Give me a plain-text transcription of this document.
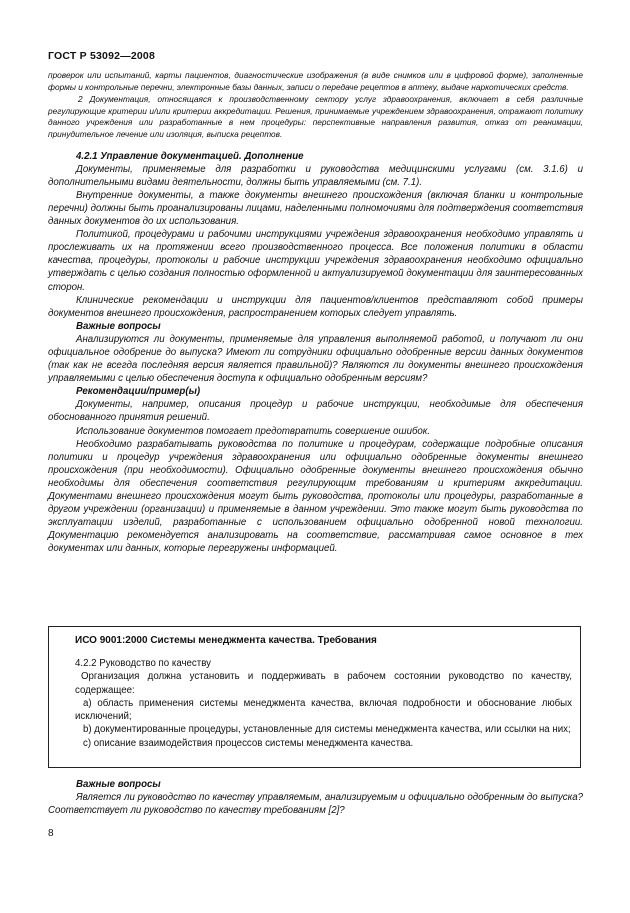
ГОСТ Р 53092—2008

проверок или испытаний, карты пациентов, диагностические изображения (в виде снимков или в цифровой форме), заполненные формы и контрольные перечни, электронные базы данных, записи о передаче рецептов в аптеку, выдаче наркотических средств.

2 Документация, относящаяся к производственному сектору услуг здравоохранения, включает в себя различные регулирующие критерии и/или критерии аккредитации. Решения, принимаемые учреждением здравоохранения, отражают политику данного учреждения или разработанные в нем процедуры: перспективные направления развития, отказ от реанимации, принудительное лечение или изоляция, выписка рецептов.

4.2.1 Управление документацией. Дополнение

Документы, применяемые для разработки и руководства медицинскими услугами (см. 3.1.6) и дополнительными видами деятельности, должны быть управляемыми (см. 7.1).

Внутренние документы, а также документы внешнего происхождения (включая бланки и контрольные перечни) должны быть проанализированы лицами, наделенными полномочиями для подтверждения соответствия данных документов до их использования.

Политикой, процедурами и рабочими инструкциями учреждения здравоохранения необходимо управлять и прослеживать их на протяжении всего производственного процесса. Все положения политики в области качества, процедуры, протоколы и рабочие инструкции учреждения здравоохранения необходимо официально утверждать с целью создания полностью оформленной и актуализируемой документации для заинтересованных сторон.

Клинические рекомендации и инструкции для пациентов/клиентов представляют собой примеры документов внешнего происхождения, распространением которых следует управлять.

Важные вопросы

Анализируются ли документы, применяемые для управления выполняемой работой, и получают ли они официальное одобрение до выпуска? Имеют ли сотрудники официально одобренные версии данных документов (так как не всегда последняя версия является правильной)? Являются ли документы внешнего происхождения управляемыми с целью обеспечения доступа к официально одобренным версиям?

Рекомендации/пример(ы)

Документы, например, описания процедур и рабочие инструкции, необходимые для обеспечения обоснованного принятия решений.

Использование документов помогает предотвратить совершение ошибок.

Необходимо разрабатывать руководства по политике и процедурам, содержащие подробные описания политики и процедур учреждения здравоохранения или официально одобренные документы внешнего происхождения (при необходимости). Официально одобренные документы внешнего происхождения обычно необходимы для обеспечения соответствия регулирующим требованиям и критериям аккредитации. Документами внешнего происхождения могут быть руководства, протоколы или процедуры, разработанные в другом учреждении (организации) и применяемые в данном учреждении. Это также могут быть руководства по эксплуатации изделий, разработанные с использованием официально одобренной новой технологии. Документацию рекомендуется анализировать на соответствие, рассматривая самое основное в тех документах или данных, которые перегружены информацией.

ИСО 9001:2000 Системы менеджмента качества. Требования

4.2.2 Руководство по качеству

Организация должна установить и поддерживать в рабочем состоянии руководство по качеству, содержащее:

a) область применения системы менеджмента качества, включая подробности и обоснование любых исключений;

b) документированные процедуры, установленные для системы менеджмента качества, или ссылки на них;

c) описание взаимодействия процессов системы менеджмента качества.

Важные вопросы

Является ли руководство по качеству управляемым, анализируемым и официально одобренным до выпуска? Соответствует ли руководство по качеству требованиям [2]?

8
